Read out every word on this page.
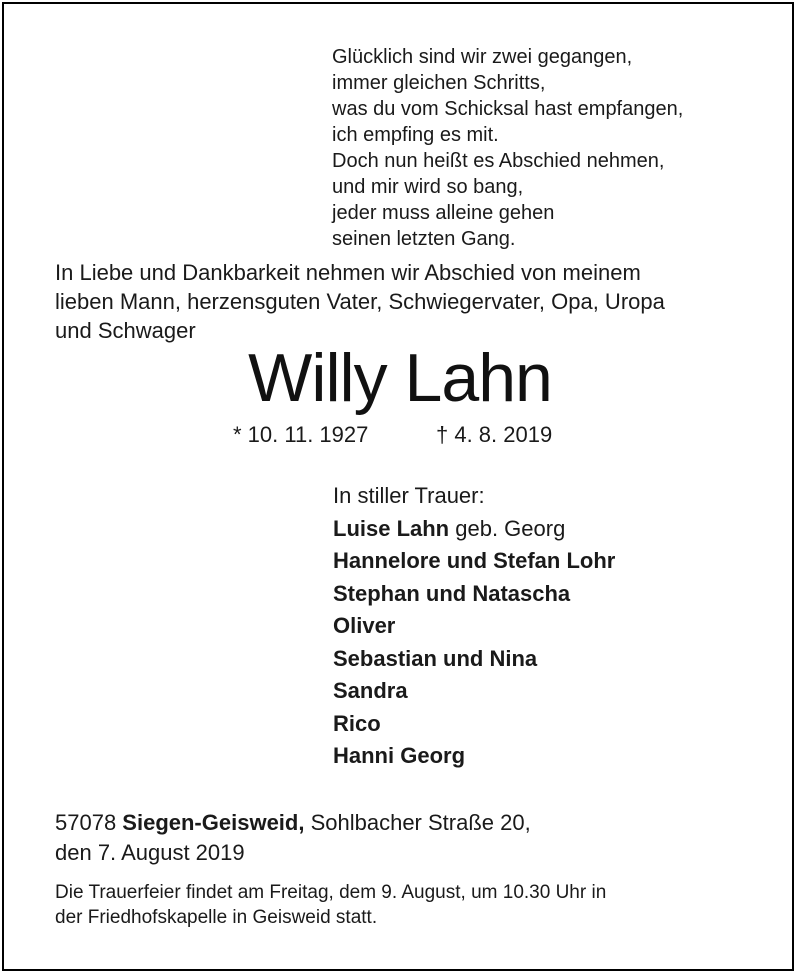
Glücklich sind wir zwei gegangen,
immer gleichen Schritts,
was du vom Schicksal hast empfangen,
ich empfing es mit.
Doch nun heißt es Abschied nehmen,
und mir wird so bang,
jeder muss alleine gehen
seinen letzten Gang.
In Liebe und Dankbarkeit nehmen wir Abschied von meinem
lieben Mann, herzensguten Vater, Schwiegervater, Opa, Uropa
und Schwager
Willy Lahn
* 10. 11. 1927	† 4. 8. 2019
In stiller Trauer:
Luise Lahn geb. Georg
Hannelore und Stefan Lohr
Stephan und Natascha
Oliver
Sebastian und Nina
Sandra
Rico
Hanni Georg
57078 Siegen-Geisweid, Sohlbacher Straße 20,
den 7. August 2019
Die Trauerfeier findet am Freitag, dem 9. August, um 10.30 Uhr in
der Friedhofskapelle in Geisweid statt.
